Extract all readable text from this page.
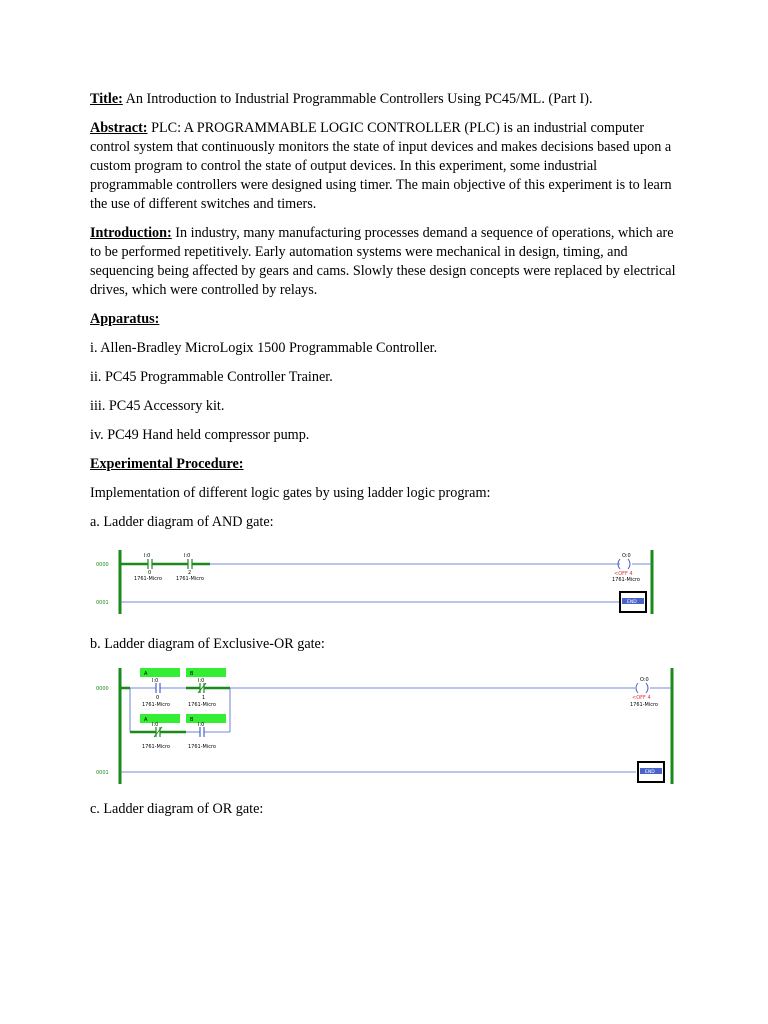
Title: An Introduction to Industrial Programmable Controllers Using PC45/ML. (Part I).

Abstract: PLC: A PROGRAMMABLE LOGIC CONTROLLER (PLC) is an industrial computer control system that continuously monitors the state of input devices and makes decisions based upon a custom program to control the state of output devices. In this experiment, some industrial programmable controllers were designed using timer. The main objective of this experiment is to learn the use of different switches and timers.

Introduction: In industry, many manufacturing processes demand a sequence of operations, which are to be performed repetitively. Early automation systems were mechanical in design, timing, and sequencing being affected by gears and cams. Slowly these design concepts were replaced by electrical drives, which were controlled by relays.

Apparatus:

i. Allen-Bradley MicroLogix 1500 Programmable Controller.

ii. PC45 Programmable Controller Trainer.

iii. PC45 Accessory kit.

iv. PC49 Hand held compressor pump.

Experimental Procedure:

Implementation of different logic gates by using ladder logic program:

a. Ladder diagram of AND gate:

0000
0001
I:0
0
1761-Micro
I:0
2
1761-Micro
O:0
<OFF 4
1761-Micro
END

b. Ladder diagram of Exclusive-OR gate:

0000
0001
A	B
A	B
I:0
0
1761-Micro
I:0
1
1761-Micro
I:0
1761-Micro
I:0
1761-Micro
O:0
<OFF 4
1761-Micro
END

c. Ladder diagram of OR gate:
